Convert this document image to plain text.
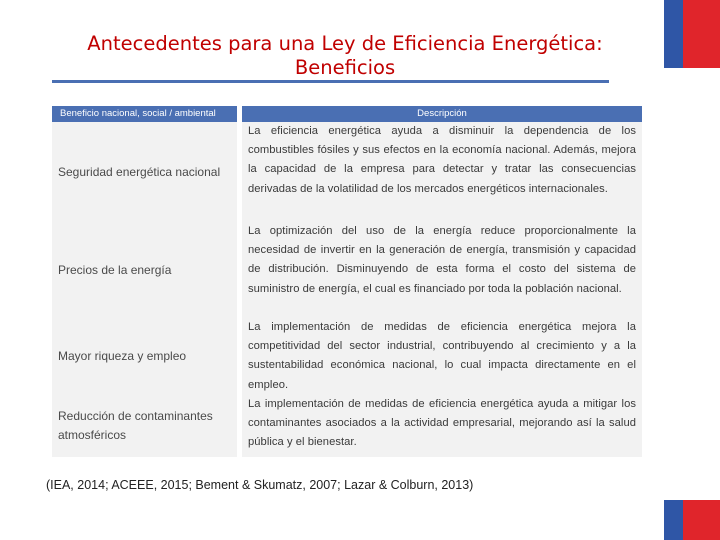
Antecedentes para una Ley de Eficiencia Energética: Beneficios
Beneficio nacional, social / ambiental	Descripción
Seguridad energética nacional
La eficiencia energética ayuda a disminuir la dependencia de los combustibles fósiles y sus efectos en la economía nacional. Además, mejora la capacidad de la empresa para detectar y tratar las consecuencias derivadas de la volatilidad de los mercados energéticos internacionales.
Precios de la energía
La optimización del uso de la energía reduce proporcionalmente la necesidad de invertir en la generación de energía, transmisión y capacidad de distribución. Disminuyendo de esta forma el costo del sistema de suministro de energía, el cual es financiado por toda la población nacional.
Mayor riqueza y empleo
La implementación de medidas de eficiencia energética mejora la competitividad del sector industrial, contribuyendo al crecimiento y a la sustentabilidad económica nacional, lo cual impacta directamente en el empleo.
Reducción de contaminantes atmosféricos
La implementación de medidas de eficiencia energética ayuda a mitigar los contaminantes asociados a la actividad empresarial, mejorando así la salud pública y el bienestar.

(IEA, 2014; ACEEE, 2015; Bement & Skumatz, 2007; Lazar & Colburn, 2013)
